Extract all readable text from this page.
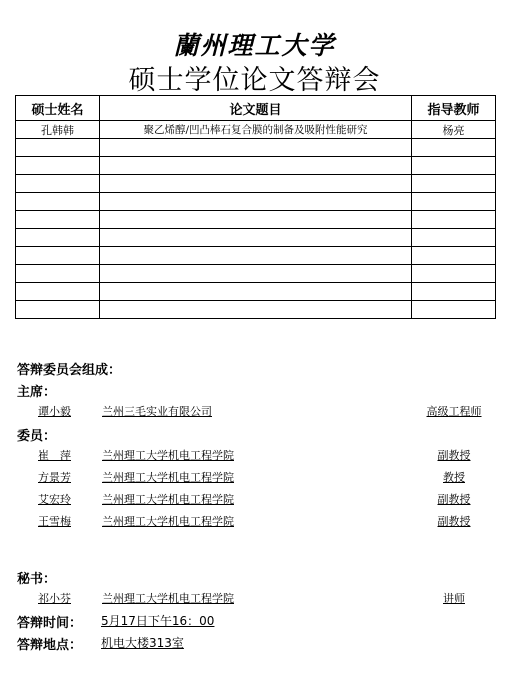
蘭州理工大学
硕士学位论文答辩会
硕士姓名	论文题目	指导教师
孔韩韩	聚乙烯醇/凹凸棒石复合膜的制备及吸附性能研究	杨亮

答辩委员会组成：
主席：
谭小毅	兰州三毛实业有限公司	高级工程师
委员：
崔　萍	兰州理工大学机电工程学院	副教授
方景芳	兰州理工大学机电工程学院	教授
艾宏玲	兰州理工大学机电工程学院	副教授
王雪梅	兰州理工大学机电工程学院	副教授
秘书：
祁小芬	兰州理工大学机电工程学院	讲师
答辩时间： 5月17日下午16：00
答辩地点： 机电大楼313室
